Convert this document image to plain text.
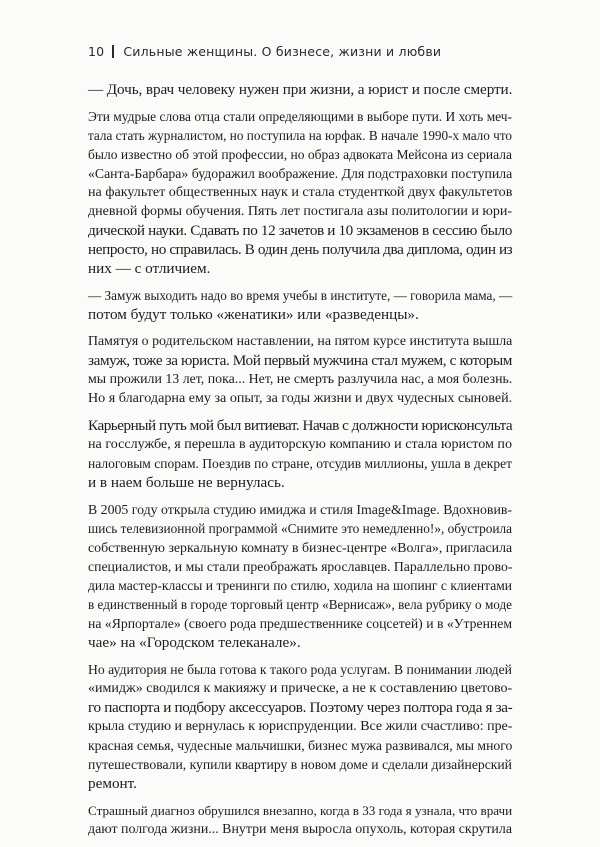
10 Сильные женщины. О бизнесе, жизни и любви

— Дочь, врач человеку нужен при жизни, а юрист и после смерти.

Эти мудрые слова отца стали определяющими в выборе пути. И хоть меч-
тала стать журналистом, но поступила на юрфак. В начале 1990-х мало что
было известно об этой профессии, но образ адвоката Мейсона из сериала
«Санта-Барбара» будоражил воображение. Для подстраховки поступила
на факультет общественных наук и стала студенткой двух факультетов
дневной формы обучения. Пять лет постигала азы политологии и юри-
дической науки. Сдавать по 12 зачетов и 10 экзаменов в сессию было
непросто, но справилась. В один день получила два диплома, один из
них — с отличием.

— Замуж выходить надо во время учебы в институте, — говорила мама, —
потом будут только «женатики» или «разведенцы».

Памятуя о родительском наставлении, на пятом курсе института вышла
замуж, тоже за юриста. Мой первый мужчина стал мужем, с которым
мы прожили 13 лет, пока... Нет, не смерть разлучила нас, а моя болезнь.
Но я благодарна ему за опыт, за годы жизни и двух чудесных сыновей.

Карьерный путь мой был витиеват. Начав с должности юрисконсульта
на госслужбе, я перешла в аудиторскую компанию и стала юристом по
налоговым спорам. Поездив по стране, отсудив миллионы, ушла в декрет
и в наем больше не вернулась.

В 2005 году открыла студию имиджа и стиля Image&Image. Вдохновив-
шись телевизионной программой «Снимите это немедленно!», обустроила
собственную зеркальную комнату в бизнес-центре «Волга», пригласила
специалистов, и мы стали преображать ярославцев. Параллельно прово-
дила мастер-классы и тренинги по стилю, ходила на шопинг с клиентами
в единственный в городе торговый центр «Вернисаж», вела рубрику о моде
на «Ярпортале» (своего рода предшественнике соцсетей) и в «Утреннем
чае» на «Городском телеканале».

Но аудитория не была готова к такого рода услугам. В понимании людей
«имидж» сводился к макияжу и прическе, а не к составлению цветово-
го паспорта и подбору аксессуаров. Поэтому через полтора года я за-
крыла студию и вернулась к юриспруденции. Все жили счастливо: пре-
красная семья, чудесные мальчишки, бизнес мужа развивался, мы много
путешествовали, купили квартиру в новом доме и сделали дизайнерский
ремонт.

Страшный диагноз обрушился внезапно, когда в 33 года я узнала, что врачи
дают полгода жизни... Внутри меня выросла опухоль, которая скрутила
